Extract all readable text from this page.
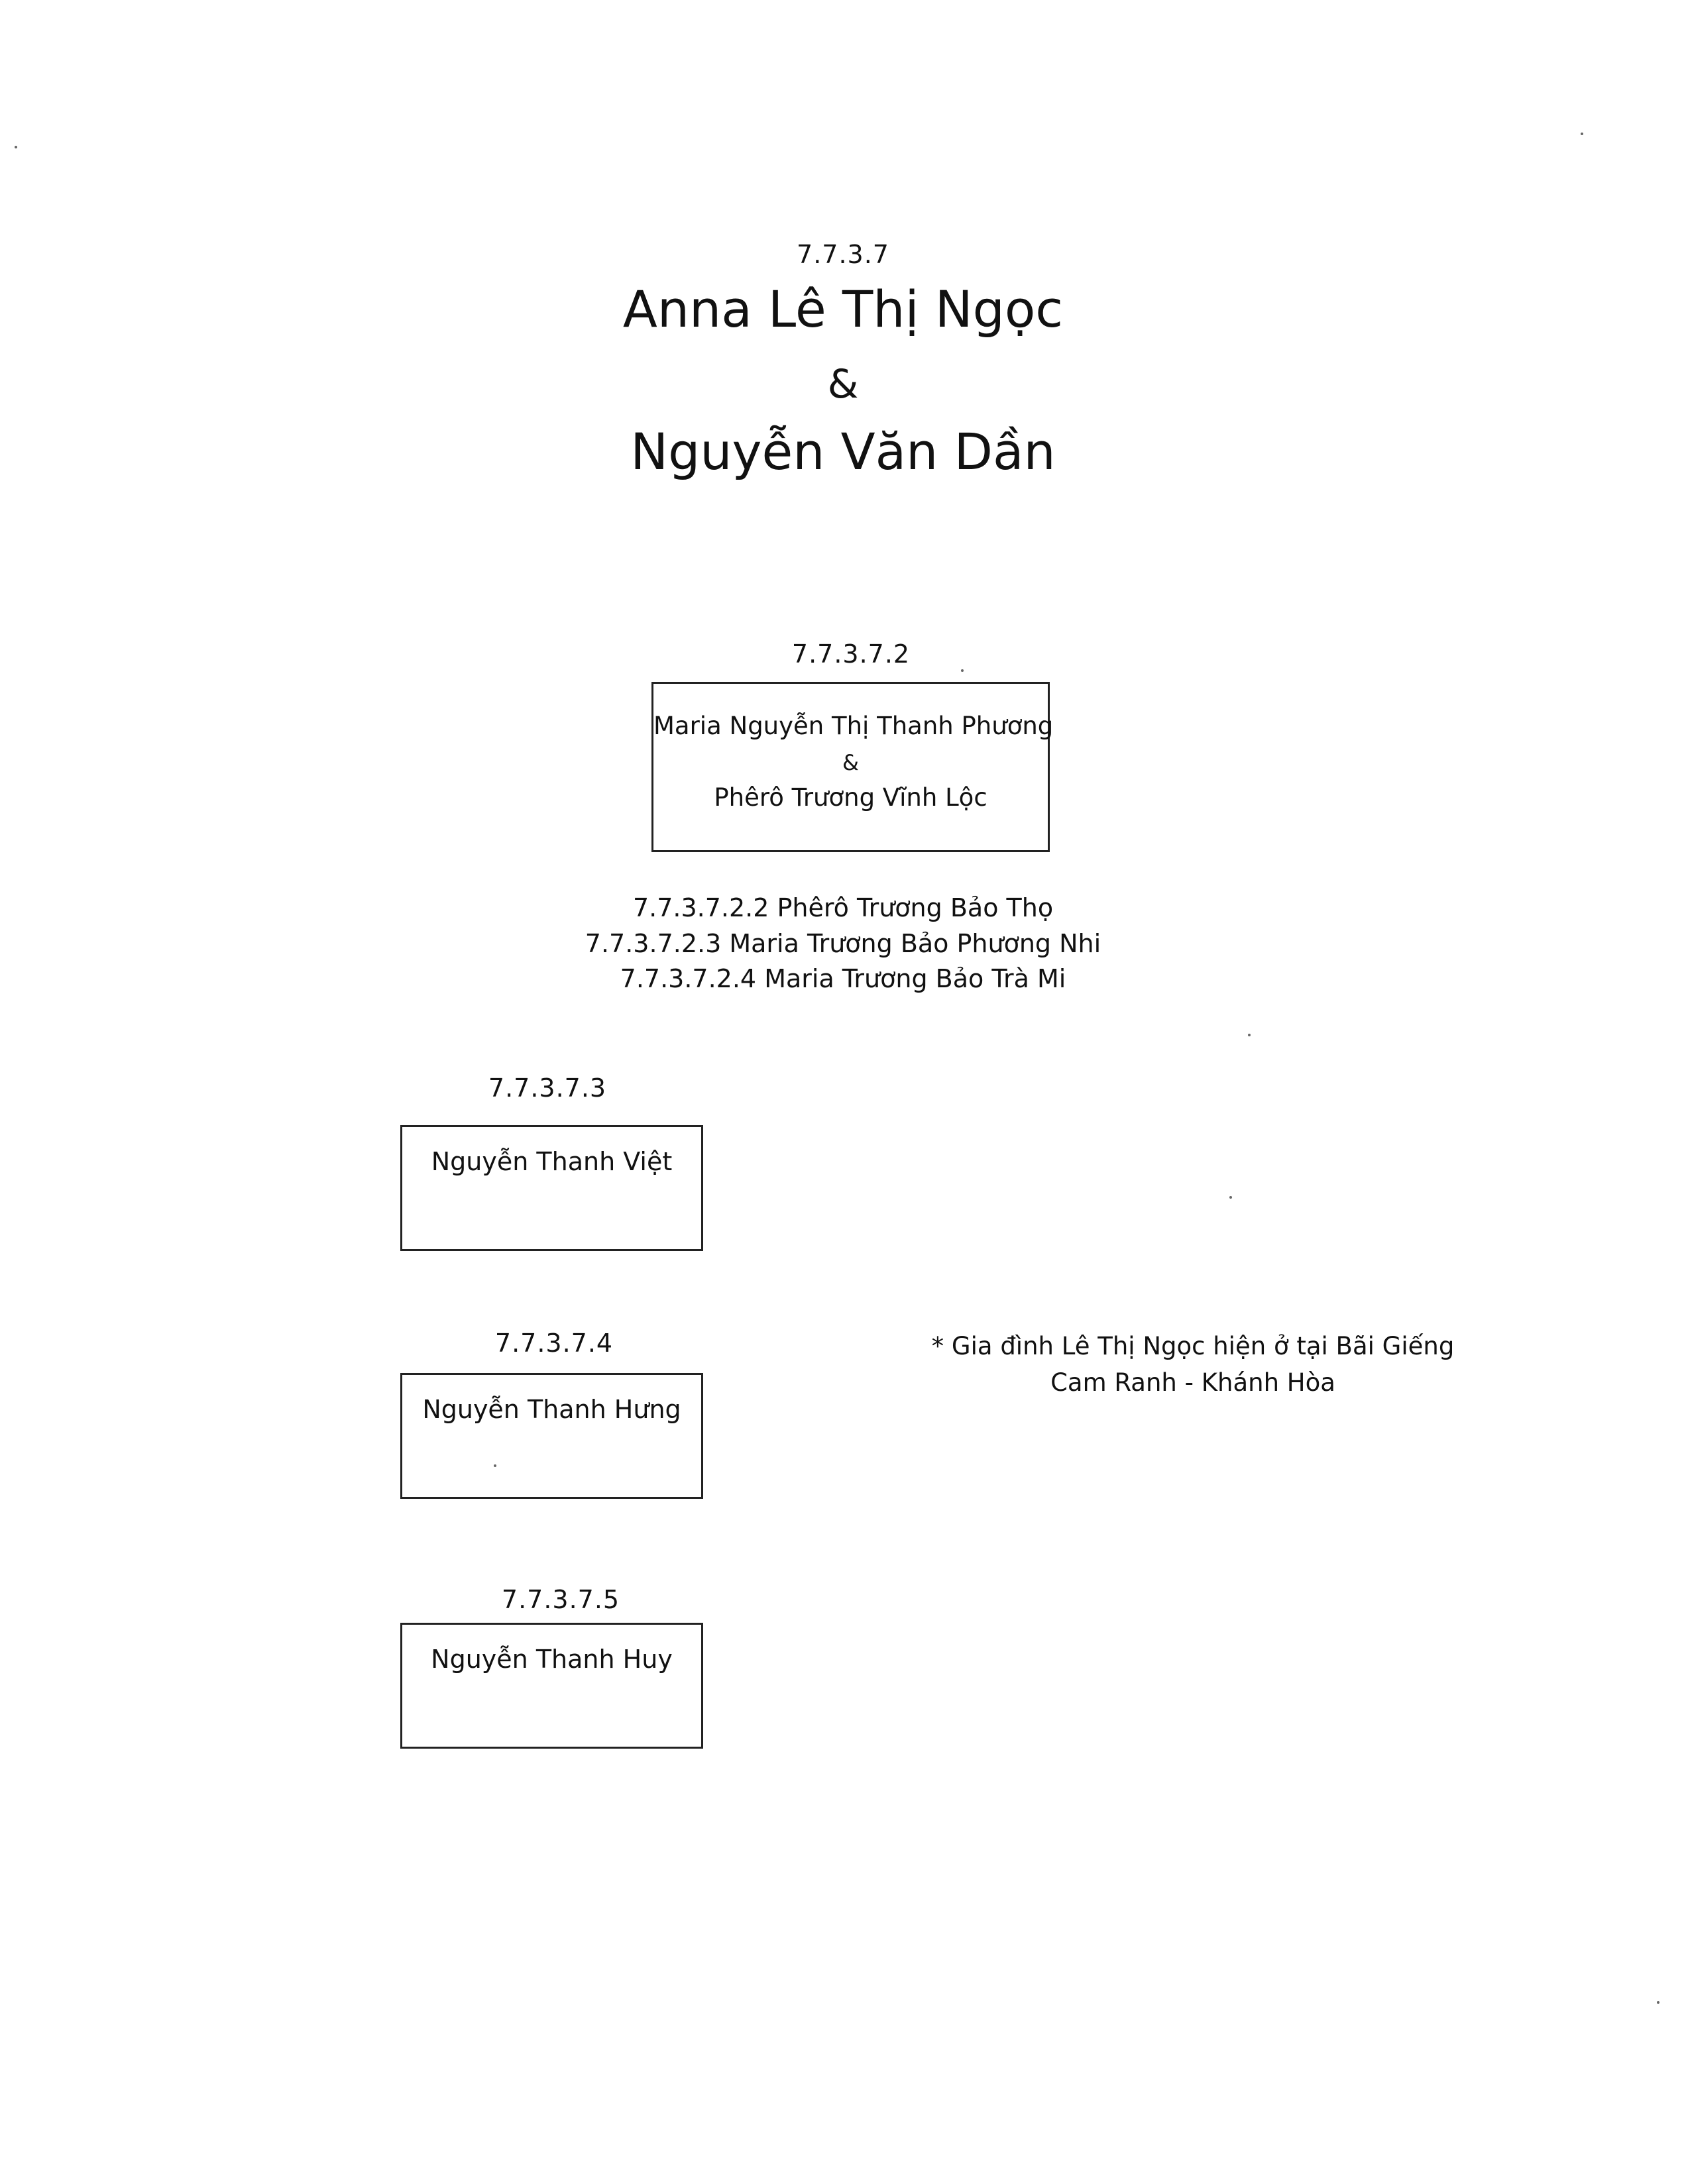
7.7.3.7
Anna Lê Thị Ngọc
&
Nguyễn Văn Dần
7.7.3.7.2
Maria Nguyễn Thị Thanh Phương
&
Phêrô Trương Vĩnh Lộc
7.7.3.7.2.2 Phêrô Trương Bảo Thọ
7.7.3.7.2.3 Maria Trương Bảo Phương Nhi
7.7.3.7.2.4 Maria Trương Bảo Trà Mi
7.7.3.7.3
Nguyễn Thanh Việt
7.7.3.7.4
Nguyễn Thanh Hưng
7.7.3.7.5
Nguyễn Thanh Huy
* Gia đình Lê Thị Ngọc hiện ở tại Bãi Giếng
Cam Ranh - Khánh Hòa
